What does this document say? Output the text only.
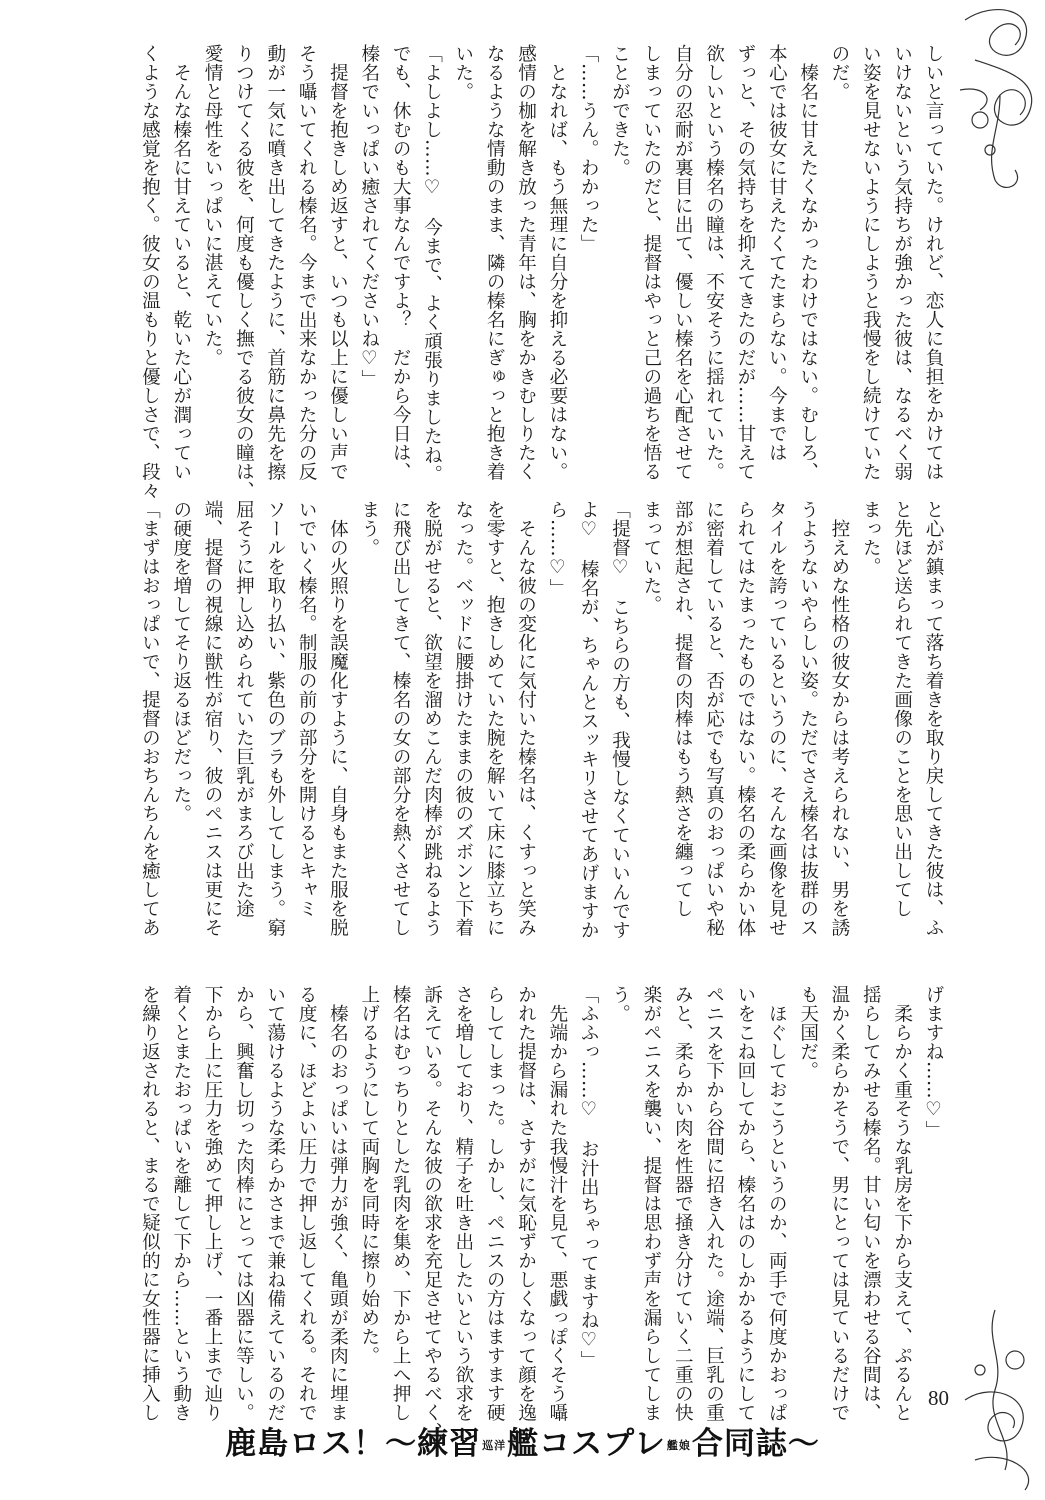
しいと言っていた。けれど、恋人に負担をかけては
いけないという気持ちが強かった彼は、なるべく弱
い姿を見せないようにしようと我慢をし続けていた
のだ。
　榛名に甘えたくなかったわけではない。むしろ、
本心では彼女に甘えたくてたまらない。今までは
ずっと、その気持ちを抑えてきたのだが……甘えて
欲しいという榛名の瞳は、不安そうに揺れていた。
自分の忍耐が裏目に出て、優しい榛名を心配させて
しまっていたのだと、提督はやっと己の過ちを悟る
ことができた。
「……うん。わかった」
　となれば、もう無理に自分を抑える必要はない。
感情の枷を解き放った青年は、胸をかきむしりたく
なるような情動のまま、隣の榛名にぎゅっと抱き着
いた。
「よしよし……♡　今まで、よく頑張りましたね。
でも、休むのも大事なんですよ？　だから今日は、
榛名でいっぱい癒されてくださいね♡」
　提督を抱きしめ返すと、いつも以上に優しい声で
そう囁いてくれる榛名。今まで出来なかった分の反
動が一気に噴き出してきたように、首筋に鼻先を擦
りつけてくる彼を、何度も優しく撫でる彼女の瞳は、
愛情と母性をいっぱいに湛えていた。
　そんな榛名に甘えていると、乾いた心が潤ってい
くような感覚を抱く。彼女の温もりと優しさで、段々
と心が鎮まって落ち着きを取り戻してきた彼は、ふ
と先ほど送られてきた画像のことを思い出してし
まった。
　控えめな性格の彼女からは考えられない、男を誘
うようないやらしい姿。ただでさえ榛名は抜群のス
タイルを誇っているというのに、そんな画像を見せ
られてはたまったものではない。榛名の柔らかい体
に密着していると、否が応でも写真のおっぱいや秘
部が想起され、提督の肉棒はもう熱さを纏ってし
まっていた。
「提督♡　こちらの方も、我慢しなくていいんです
よ♡　榛名が、ちゃんとスッキリさせてあげますか
ら……♡」
　そんな彼の変化に気付いた榛名は、くすっと笑み
を零すと、抱きしめていた腕を解いて床に膝立ちに
なった。ベッドに腰掛けたままの彼のズボンと下着
を脱がせると、欲望を溜めこんだ肉棒が跳ねるよう
に飛び出してきて、榛名の女の部分を熱くさせてし
まう。
　体の火照りを誤魔化すように、自身もまた服を脱
いでいく榛名。制服の前の部分を開けるとキャミ
ソールを取り払い、紫色のブラも外してしまう。窮
屈そうに押し込められていた巨乳がまろび出た途
端、提督の視線に獣性が宿り、彼のペニスは更にそ
の硬度を増してそり返るほどだった。
「まずはおっぱいで、提督のおちんちんを癒してあ
げますね……♡」
　柔らかく重そうな乳房を下から支えて、ぷるんと
揺らしてみせる榛名。甘い匂いを漂わせる谷間は、
温かく柔らかそうで、男にとっては見ているだけで
も天国だ。
　ほぐしておこうというのか、両手で何度かおっぱ
いをこね回してから、榛名はのしかかるようにして
ペニスを下から谷間に招き入れた。途端、巨乳の重
みと、柔らかい肉を性器で掻き分けていく二重の快
楽がペニスを襲い、提督は思わず声を漏らしてしま
う。
「ふふっ……♡　お汁出ちゃってますね♡」
　先端から漏れた我慢汁を見て、悪戯っぽくそう囁
かれた提督は、さすがに気恥ずかしくなって顔を逸
らしてしまった。しかし、ペニスの方はますます硬
さを増しており、精子を吐き出したいという欲求を
訴えている。そんな彼の欲求を充足させてやるべく、
榛名はむっちりとした乳肉を集め、下から上へ押し
上げるようにして両胸を同時に擦り始めた。
　榛名のおっぱいは弾力が強く、亀頭が柔肉に埋ま
る度に、ほどよい圧力で押し返してくれる。それで
いて蕩けるような柔らかさまで兼ね備えているのだ
から、興奮し切った肉棒にとっては凶器に等しい。
下から上に圧力を強めて押し上げ、一番上まで辿り
着くとまたおっぱいを離して下から……という動き
を繰り返されると、まるで疑似的に女性器に挿入し
鹿島ロス！～練習 巡洋 艦コスプレ 艦娘 合同誌～
80
